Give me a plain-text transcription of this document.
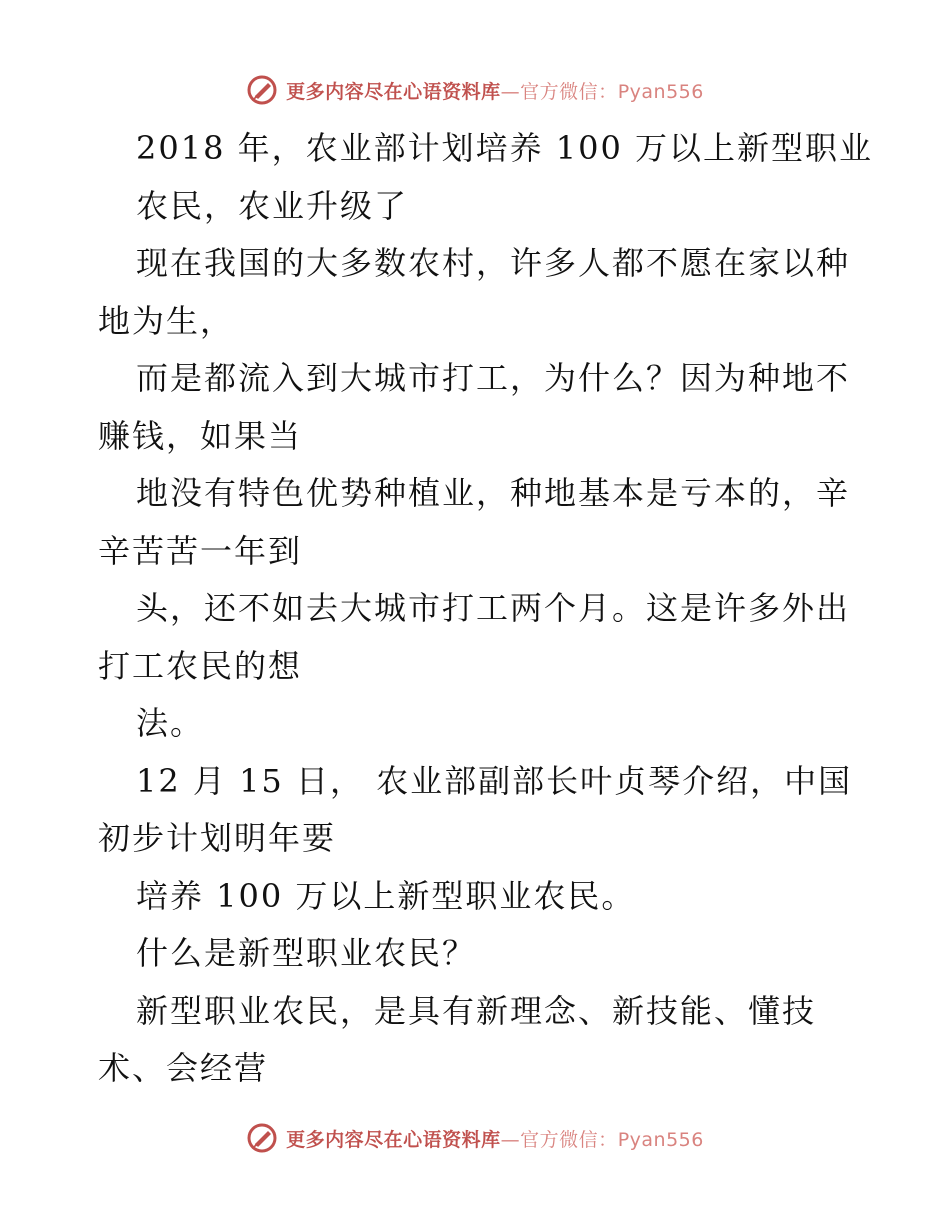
更多内容尽在心语资料库—官方微信：Pyan556
2018 年，农业部计划培养 100 万以上新型职业
农民，农业升级了
现在我国的大多数农村，许多人都不愿在家以种
地为生，
而是都流入到大城市打工，为什么？因为种地不
赚钱，如果当
地没有特色优势种植业，种地基本是亏本的，辛
辛苦苦一年到
头，还不如去大城市打工两个月。这是许多外出
打工农民的想
法。
12 月 15 日， 农业部副部长叶贞琴介绍，中国
初步计划明年要
培养 100 万以上新型职业农民。
什么是新型职业农民？
新型职业农民，是具有新理念、新技能、懂技
术、会经营
更多内容尽在心语资料库—官方微信：Pyan556
